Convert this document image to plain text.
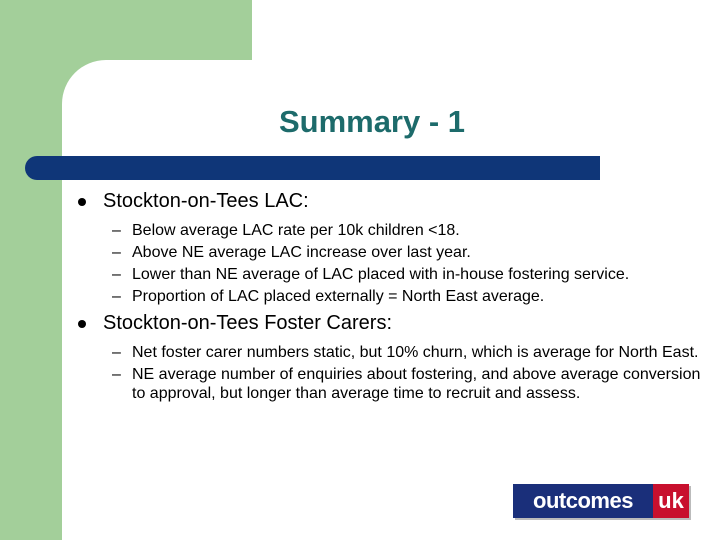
Summary - 1
Stockton-on-Tees LAC:
– Below average LAC rate per 10k children <18.
– Above NE average LAC increase over last year.
– Lower than NE average of LAC placed with in-house fostering service.
– Proportion of LAC placed externally = North East average.
Stockton-on-Tees Foster Carers:
– Net foster carer numbers static, but 10% churn, which is average for North East.
– NE average number of enquiries about fostering, and above average conversion to approval, but longer than average time to recruit and assess.
outcomes	uk
